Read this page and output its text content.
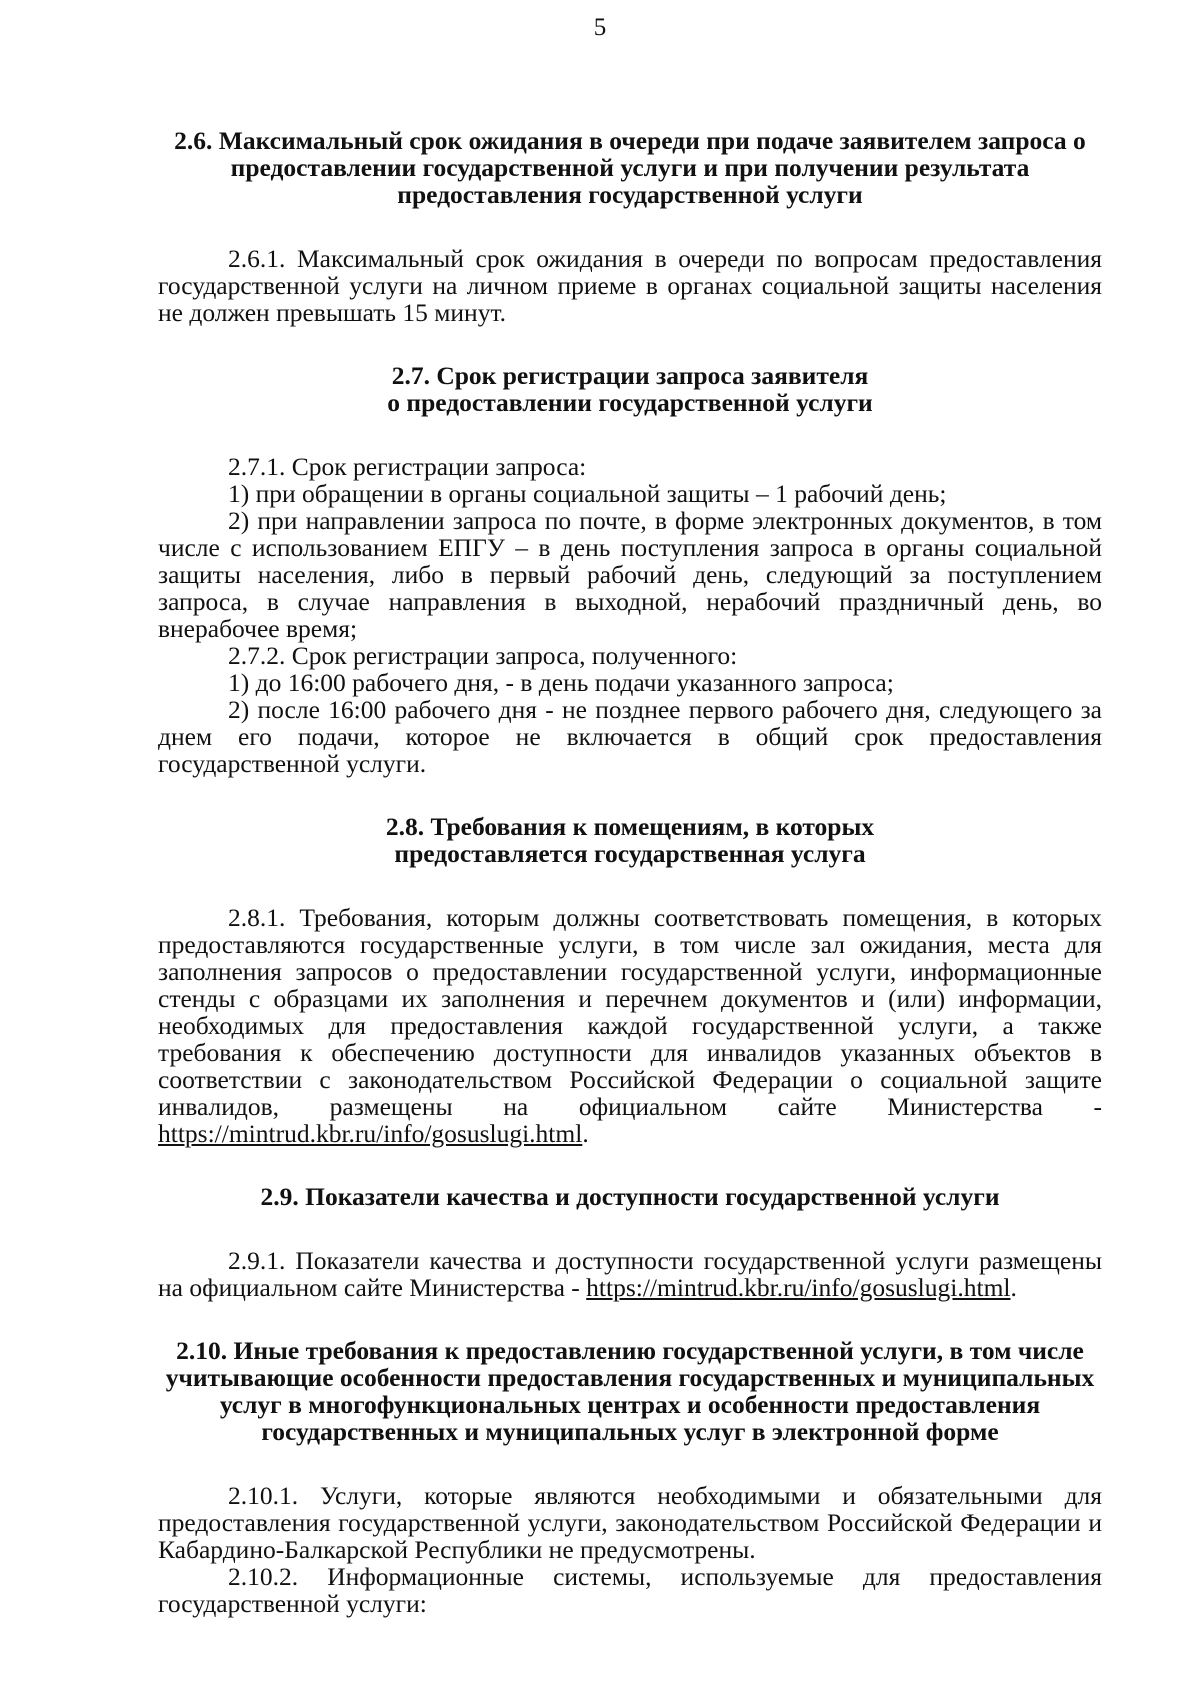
5
2.6. Максимальный срок ожидания в очереди при подаче заявителем запроса о
предоставлении государственной услуги и при получении результата
предоставления государственной услуги

2.6.1. Максимальный срок ожидания в очереди по вопросам предоставления государственной услуги на личном приеме в органах социальной защиты населения не должен превышать 15 минут.

2.7. Срок регистрации запроса заявителя
о предоставлении государственной услуги

2.7.1. Срок регистрации запроса:

1) при обращении в органы социальной защиты – 1 рабочий день;

2) при направлении запроса по почте, в форме электронных документов, в том числе с использованием ЕПГУ – в день поступления запроса в органы социальной защиты населения, либо в первый рабочий день, следующий за поступлением запроса, в случае направления в выходной, нерабочий праздничный день, во внерабочее время;

2.7.2. Срок регистрации запроса, полученного:

1) до 16:00 рабочего дня, - в день подачи указанного запроса;

2) после 16:00 рабочего дня - не позднее первого рабочего дня, следующего за днем его подачи, которое не включается в общий срок предоставления государственной услуги.

2.8. Требования к помещениям, в которых
предоставляется государственная услуга

2.8.1. Требования, которым должны соответствовать помещения, в которых предоставляются государственные услуги, в том числе зал ожидания, места для заполнения запросов о предоставлении государственной услуги, информационные стенды с образцами их заполнения и перечнем документов и (или) информации, необходимых для предоставления каждой государственной услуги, а также требования к обеспечению доступности для инвалидов указанных объектов в соответствии с законодательством Российской Федерации о социальной защите инвалидов, размещены на официальном сайте Министерства - https://mintrud.kbr.ru/info/gosuslugi.html.

2.9. Показатели качества и доступности государственной услуги

2.9.1. Показатели качества и доступности государственной услуги размещены на официальном сайте Министерства - https://mintrud.kbr.ru/info/gosuslugi.html.

2.10. Иные требования к предоставлению государственной услуги, в том числе
учитывающие особенности предоставления государственных и муниципальных
услуг в многофункциональных центрах и особенности предоставления
государственных и муниципальных услуг в электронной форме

2.10.1. Услуги, которые являются необходимыми и обязательными для предоставления государственной услуги, законодательством Российской Федерации и Кабардино-Балкарской Республики не предусмотрены.

2.10.2. Информационные системы, используемые для предоставления государственной услуги:
